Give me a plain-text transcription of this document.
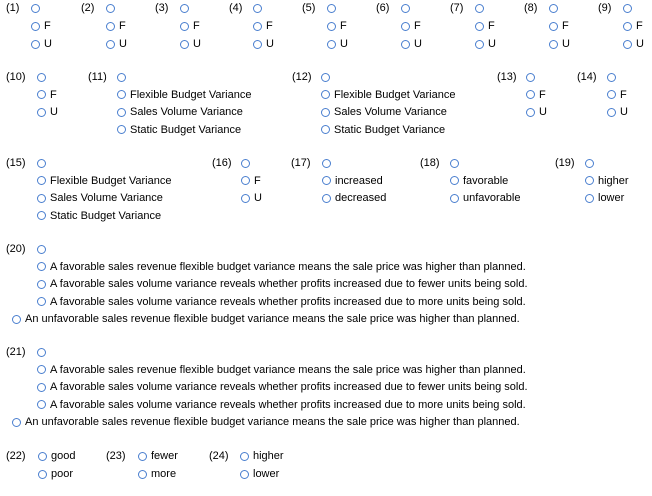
(1)
F
U
(2)
F
U
(3)
F
U
(4)
F
U
(5)
F
U
(6)
F
U
(7)
F
U
(8)
F
U
(9)
F
U
(10)
F
U
(11)
Flexible Budget Variance
Sales Volume Variance
Static Budget Variance
(12)
Flexible Budget Variance
Sales Volume Variance
Static Budget Variance
(13)
F
U
(14)
F
U
(15)
Flexible Budget Variance
Sales Volume Variance
Static Budget Variance
(16)
F
U
(17)
increased
decreased
(18)
favorable
unfavorable
(19)
higher
lower
(20)
A favorable sales revenue flexible budget variance means the sale price was higher than planned.
A favorable sales volume variance reveals whether profits increased due to fewer units being sold.
A favorable sales volume variance reveals whether profits increased due to more units being sold.
An unfavorable sales revenue flexible budget variance means the sale price was higher than planned.
(21)
A favorable sales revenue flexible budget variance means the sale price was higher than planned.
A favorable sales volume variance reveals whether profits increased due to fewer units being sold.
A favorable sales volume variance reveals whether profits increased due to more units being sold.
An unfavorable sales revenue flexible budget variance means the sale price was higher than planned.
(22) good
poor
(23) fewer
more
(24) higher
lower
